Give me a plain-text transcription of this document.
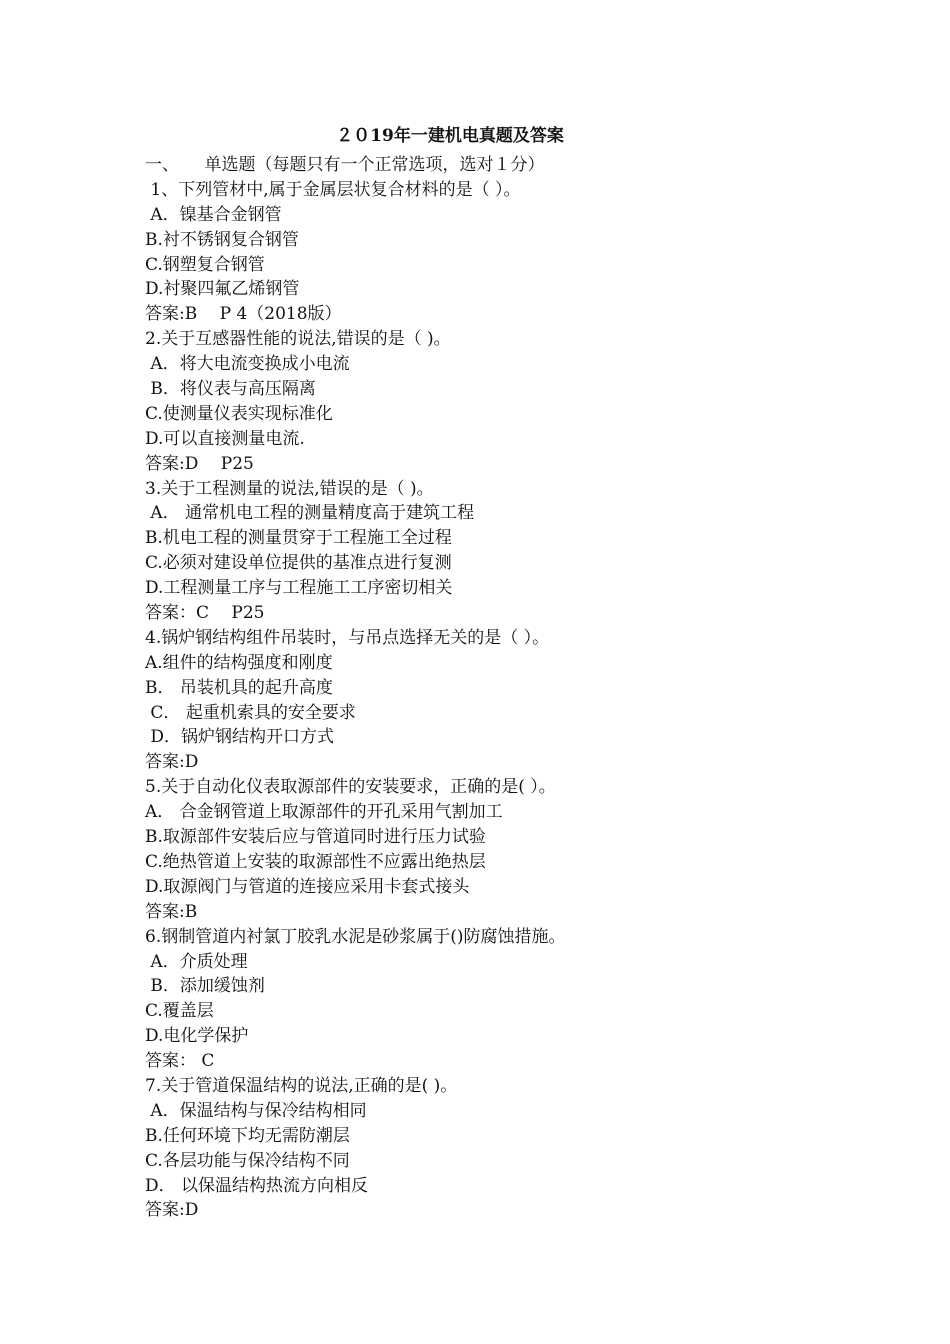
２０19年一建机电真题及答案
一、　　单选题（每题只有一个正常选项，选对１分）
1、下列管材中,属于金属层状复合材料的是（ ）。
A．镍基合金钢管
B.衬不锈钢复合钢管
C.钢塑复合钢管
D.衬聚四氟乙烯钢管
答案:B　 P 4（2018版）
2.关于互感器性能的说法,错误的是（ )。
A．将大电流变换成小电流
B．将仪表与高压隔离
C.使测量仪表实现标准化
D.可以直接测量电流.
答案:D　 P25
3.关于工程测量的说法,错误的是（ )。
A． 通常机电工程的测量精度高于建筑工程
B.机电工程的测量贯穿于工程施工全过程
C.必须对建设单位提供的基准点进行复测
D.工程测量工序与工程施工工序密切相关
答案：C　 P25
4.锅炉钢结构组件吊装时，与吊点选择无关的是（ ）。
A.组件的结构强度和刚度
B． 吊装机具的起升高度
C． 起重机索具的安全要求
D．锅炉钢结构开口方式
答案:D
5.关于自动化仪表取源部件的安装要求，正确的是( ）。
A． 合金钢管道上取源部件的开孔采用气割加工
B.取源部件安装后应与管道同时进行压力试验
C.绝热管道上安装的取源部性不应露出绝热层
D.取源阀门与管道的连接应采用卡套式接头
答案:B
6.钢制管道内衬氯丁胶乳水泥是砂浆属于()防腐蚀措施。
A．介质处理
B．添加缓蚀剂
C.覆盖层
D.电化学保护
答案： C
7.关于管道保温结构的说法,正确的是( )。
A．保温结构与保冷结构相同
B.任何环境下均无需防潮层
C.各层功能与保冷结构不同
D． 以保温结构热流方向相反
答案:D
